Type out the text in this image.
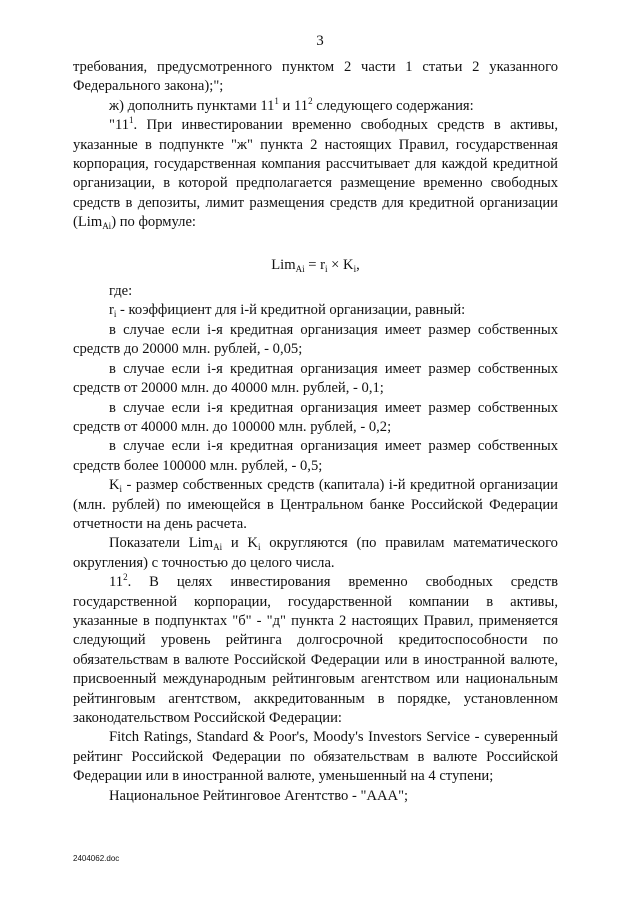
3

требования, предусмотренного пунктом 2 части 1 статьи 2 указанного Федерального закона);";

ж) дополнить пунктами $11^1$ и $11^2$ следующего содержания:

"$11^1$. При инвестировании временно свободных средств в активы, указанные в подпункте "ж" пункта 2 настоящих Правил, государственная корпорация, государственная компания рассчитывает для каждой кредитной организации, в которой предполагается размещение временно свободных средств в депозиты, лимит размещения средств для кредитной организации (Lim$_{Ai}$) по формуле:

$Lim_{Ai} = r_i \times K_i$,

где:

$r_i$ - коэффициент для i-й кредитной организации, равный:

в случае если i-я кредитная организация имеет размер собственных средств до 20000 млн. рублей, - 0,05;

в случае если i-я кредитная организация имеет размер собственных средств от 20000 млн. до 40000 млн. рублей, - 0,1;

в случае если i-я кредитная организация имеет размер собственных средств от 40000 млн. до 100000 млн. рублей, - 0,2;

в случае если i-я кредитная организация имеет размер собственных средств более 100000 млн. рублей, - 0,5;

$K_i$ - размер собственных средств (капитала) i-й кредитной организации (млн. рублей) по имеющейся в Центральном банке Российской Федерации отчетности на день расчета.

Показатели Lim$_{Ai}$ и $K_i$ округляются (по правилам математического округления) с точностью до целого числа.

$11^2$. В целях инвестирования временно свободных средств государственной корпорации, государственной компании в активы, указанные в подпунктах "б" - "д" пункта 2 настоящих Правил, применяется следующий уровень рейтинга долгосрочной кредитоспособности по обязательствам в валюте Российской Федерации или в иностранной валюте, присвоенный международным рейтинговым агентством или национальным рейтинговым агентством, аккредитованным в порядке, установленном законодательством Российской Федерации:

Fitch Ratings, Standard & Poor's, Moody's Investors Service - суверенный рейтинг Российской Федерации по обязательствам в валюте Российской Федерации или в иностранной валюте, уменьшенный на 4 ступени;

Национальное Рейтинговое Агентство - "AAA";

2404062.doc
